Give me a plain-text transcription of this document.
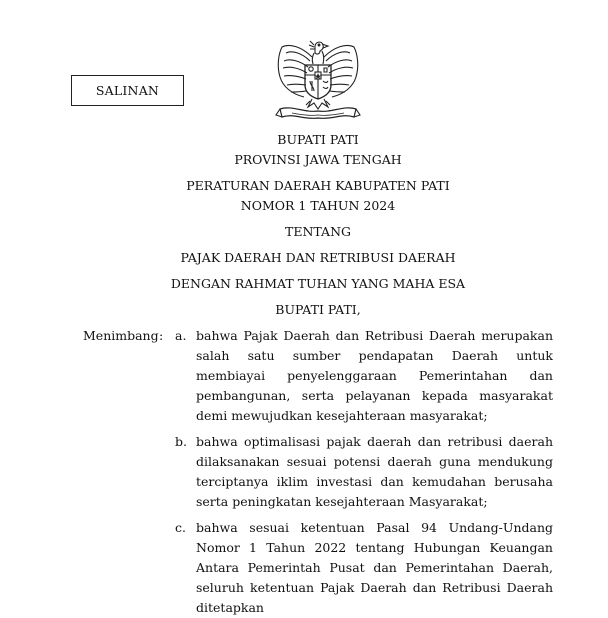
SALINAN
BUPATI PATI
PROVINSI JAWA TENGAH
PERATURAN DAERAH KABUPATEN PATI
NOMOR 1 TAHUN 2024
TENTANG
PAJAK DAERAH DAN RETRIBUSI DAERAH
DENGAN RAHMAT TUHAN YANG MAHA ESA
BUPATI PATI,
Menimbang : a. bahwa Pajak Daerah dan Retribusi Daerah merupakan salah satu sumber pendapatan Daerah untuk membiayai penyelenggaraan Pemerintahan dan pembangunan, serta pelayanan kepada masyarakat demi mewujudkan kesejahteraan masyarakat;
b. bahwa optimalisasi pajak daerah dan retribusi daerah dilaksanakan sesuai potensi daerah guna mendukung terciptanya iklim investasi dan kemudahan berusaha serta peningkatan kesejahteraan Masyarakat;
c. bahwa sesuai ketentuan Pasal 94 Undang-Undang Nomor 1 Tahun 2022 tentang Hubungan Keuangan Antara Pemerintah Pusat dan Pemerintahan Daerah, seluruh ketentuan Pajak Daerah dan Retribusi Daerah ditetapkan
